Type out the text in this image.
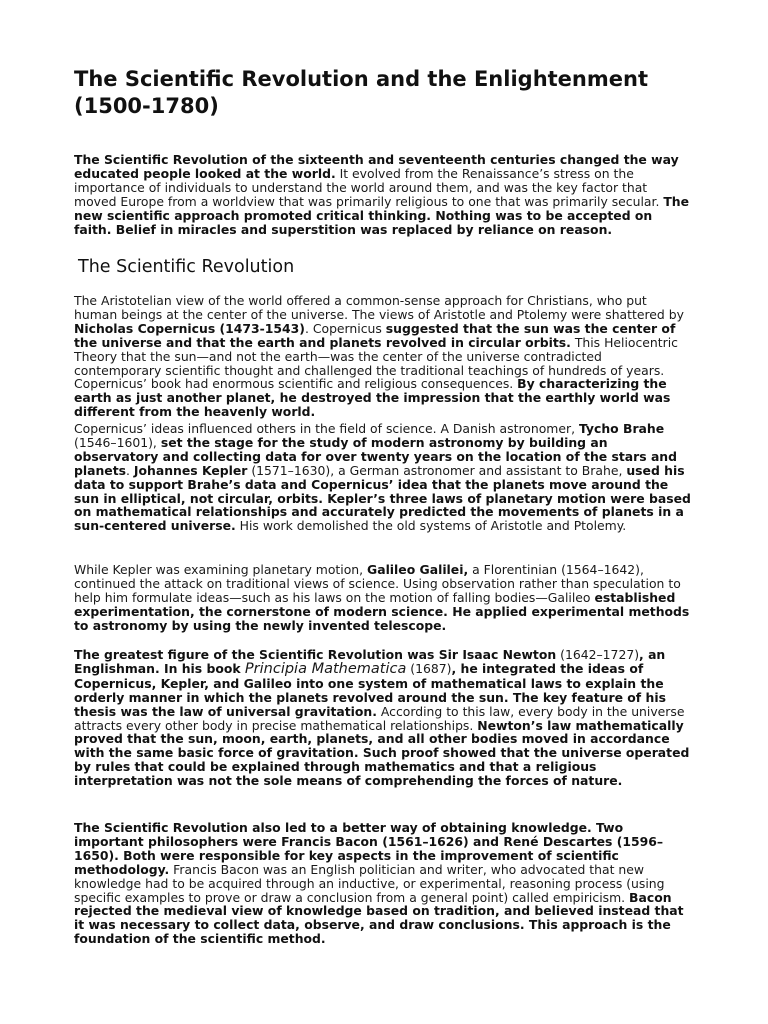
The Scientific Revolution and the Enlightenment (1500-1780)

The Scientific Revolution of the sixteenth and seventeenth centuries changed the way educated people looked at the world. It evolved from the Renaissance’s stress on the importance of individuals to understand the world around them, and was the key factor that moved Europe from a worldview that was primarily religious to one that was primarily secular. The new scientific approach promoted critical thinking. Nothing was to be accepted on faith. Belief in miracles and superstition was replaced by reliance on reason.

The Scientific Revolution

The Aristotelian view of the world offered a common-sense approach for Christians, who put human beings at the center of the universe. The views of Aristotle and Ptolemy were shattered by Nicholas Copernicus (1473-1543). Copernicus suggested that the sun was the center of the universe and that the earth and planets revolved in circular orbits. This Heliocentric Theory that the sun—and not the earth—was the center of the universe contradicted contemporary scientific thought and challenged the traditional teachings of hundreds of years. Copernicus’ book had enormous scientific and religious consequences. By characterizing the earth as just another planet, he destroyed the impression that the earthly world was different from the heavenly world.

Copernicus’ ideas influenced others in the field of science. A Danish astronomer, Tycho Brahe (1546–1601), set the stage for the study of modern astronomy by building an observatory and collecting data for over twenty years on the location of the stars and planets. Johannes Kepler (1571–1630), a German astronomer and assistant to Brahe, used his data to support Brahe’s data and Copernicus’ idea that the planets move around the sun in elliptical, not circular, orbits. Kepler’s three laws of planetary motion were based on mathematical relationships and accurately predicted the movements of planets in a sun-centered universe. His work demolished the old systems of Aristotle and Ptolemy.

While Kepler was examining planetary motion, Galileo Galilei, a Florentinian (1564–1642), continued the attack on traditional views of science. Using observation rather than speculation to help him formulate ideas—such as his laws on the motion of falling bodies—Galileo established experimentation, the cornerstone of modern science. He applied experimental methods to astronomy by using the newly invented telescope.

The greatest figure of the Scientific Revolution was Sir Isaac Newton (1642–1727), an Englishman. In his book Principia Mathematica (1687), he integrated the ideas of Copernicus, Kepler, and Galileo into one system of mathematical laws to explain the orderly manner in which the planets revolved around the sun. The key feature of his thesis was the law of universal gravitation. According to this law, every body in the universe attracts every other body in precise mathematical relationships. Newton’s law mathematically proved that the sun, moon, earth, planets, and all other bodies moved in accordance with the same basic force of gravitation. Such proof showed that the universe operated by rules that could be explained through mathematics and that a religious interpretation was not the sole means of comprehending the forces of nature.

The Scientific Revolution also led to a better way of obtaining knowledge. Two important philosophers were Francis Bacon (1561–1626) and René Descartes (1596–1650). Both were responsible for key aspects in the improvement of scientific methodology. Francis Bacon was an English politician and writer, who advocated that new knowledge had to be acquired through an inductive, or experimental, reasoning process (using specific examples to prove or draw a conclusion from a general point) called empiricism. Bacon rejected the medieval view of knowledge based on tradition, and believed instead that it was necessary to collect data, observe, and draw conclusions. This approach is the foundation of the scientific method.
